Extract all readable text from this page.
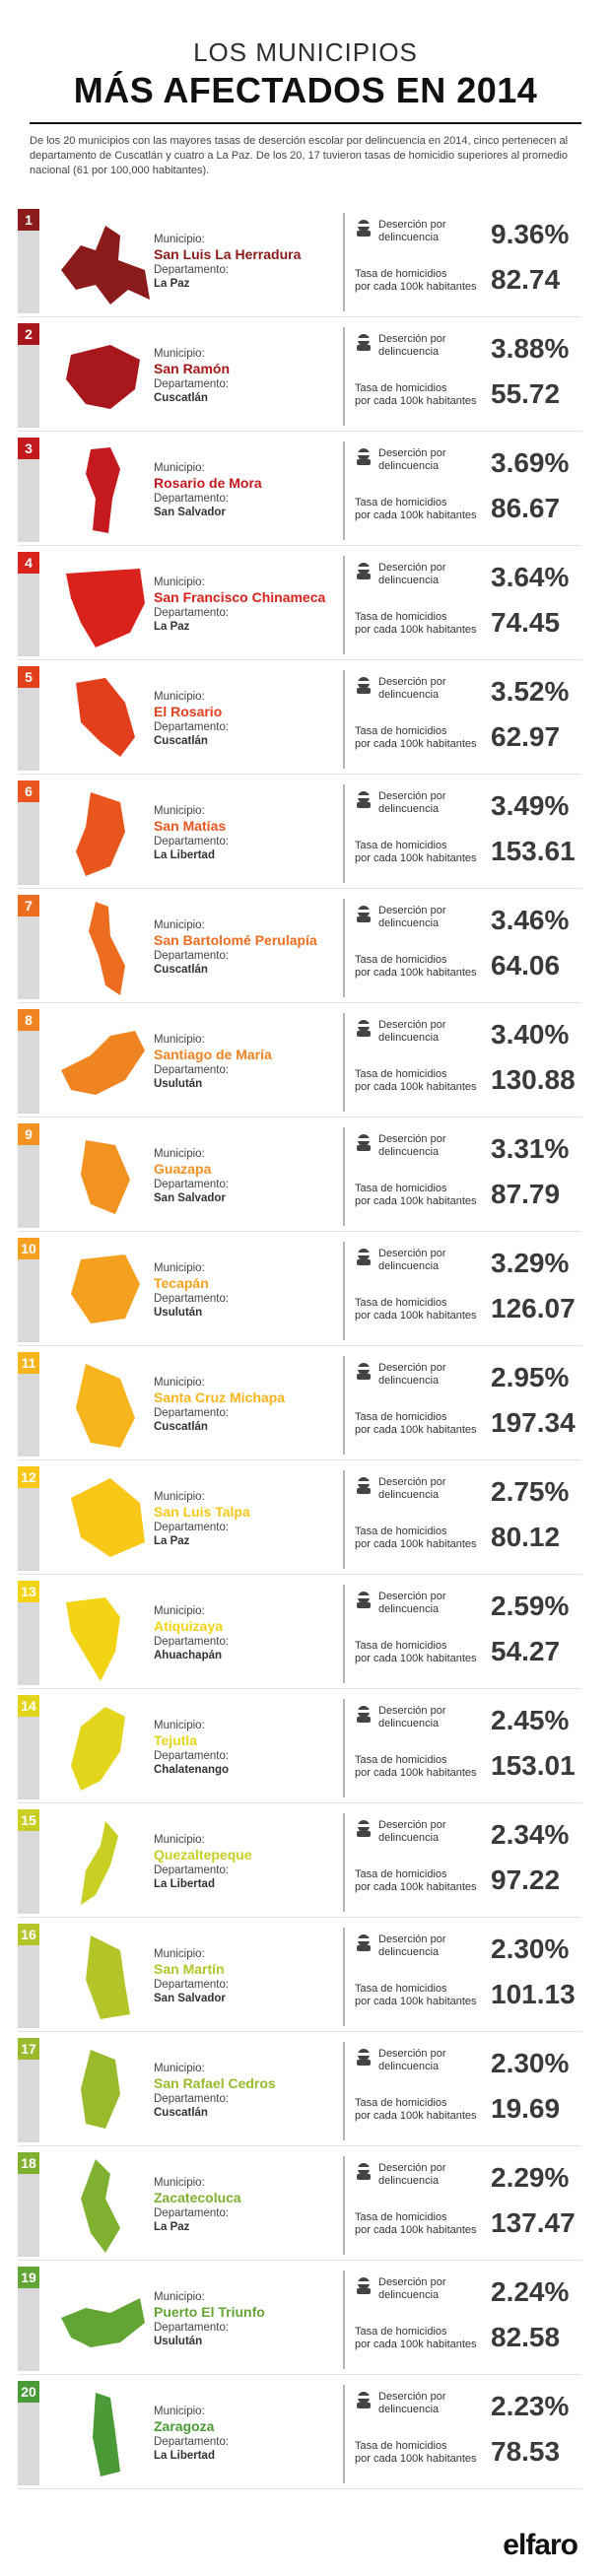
LOS MUNICIPIOS
MÁS AFECTADOS EN 2014
De los 20 municipios con las mayores tasas de deserción escolar por delincuencia en 2014, cinco pertenecen al departamento de Cuscatlán y cuatro a La Paz. De los 20, 17 tuvieron tasas de homicidio superiores al promedio nacional (61 por 100,000 habitantes).
1
Municipio:
San Luis La Herradura
Departamento:
La Paz
Deserción por
delincuencia 9.36%
Tasa de homicidios
por cada 100k habitantes 82.74
2
Municipio:
San Ramón
Departamento:
Cuscatlán
Deserción por
delincuencia 3.88%
Tasa de homicidios
por cada 100k habitantes 55.72
3
Municipio:
Rosario de Mora
Departamento:
San Salvador
Deserción por
delincuencia 3.69%
Tasa de homicidios
por cada 100k habitantes 86.67
4
Municipio:
San Francisco Chinameca
Departamento:
La Paz
Deserción por
delincuencia 3.64%
Tasa de homicidios
por cada 100k habitantes 74.45
5
Municipio:
El Rosario
Departamento:
Cuscatlán
Deserción por
delincuencia 3.52%
Tasa de homicidios
por cada 100k habitantes 62.97
6
Municipio:
San Matías
Departamento:
La Libertad
Deserción por
delincuencia 3.49%
Tasa de homicidios
por cada 100k habitantes 153.61
7
Municipio:
San Bartolomé Perulapía
Departamento:
Cuscatlán
Deserción por
delincuencia 3.46%
Tasa de homicidios
por cada 100k habitantes 64.06
8
Municipio:
Santiago de María
Departamento:
Usulután
Deserción por
delincuencia 3.40%
Tasa de homicidios
por cada 100k habitantes 130.88
9
Municipio:
Guazapa
Departamento:
San Salvador
Deserción por
delincuencia 3.31%
Tasa de homicidios
por cada 100k habitantes 87.79
10
Municipio:
Tecapán
Departamento:
Usulután
Deserción por
delincuencia 3.29%
Tasa de homicidios
por cada 100k habitantes 126.07
11
Municipio:
Santa Cruz Michapa
Departamento:
Cuscatlán
Deserción por
delincuencia 2.95%
Tasa de homicidios
por cada 100k habitantes 197.34
12
Municipio:
San Luis Talpa
Departamento:
La Paz
Deserción por
delincuencia 2.75%
Tasa de homicidios
por cada 100k habitantes 80.12
13
Municipio:
Atiquizaya
Departamento:
Ahuachapán
Deserción por
delincuencia 2.59%
Tasa de homicidios
por cada 100k habitantes 54.27
14
Municipio:
Tejutla
Departamento:
Chalatenango
Deserción por
delincuencia 2.45%
Tasa de homicidios
por cada 100k habitantes 153.01
15
Municipio:
Quezaltepeque
Departamento:
La Libertad
Deserción por
delincuencia 2.34%
Tasa de homicidios
por cada 100k habitantes 97.22
16
Municipio:
San Martín
Departamento:
San Salvador
Deserción por
delincuencia 2.30%
Tasa de homicidios
por cada 100k habitantes 101.13
17
Municipio:
San Rafael Cedros
Departamento:
Cuscatlán
Deserción por
delincuencia 2.30%
Tasa de homicidios
por cada 100k habitantes 19.69
18
Municipio:
Zacatecoluca
Departamento:
La Paz
Deserción por
delincuencia 2.29%
Tasa de homicidios
por cada 100k habitantes 137.47
19
Municipio:
Puerto El Triunfo
Departamento:
Usulután
Deserción por
delincuencia 2.24%
Tasa de homicidios
por cada 100k habitantes 82.58
20
Municipio:
Zaragoza
Departamento:
La Libertad
Deserción por
delincuencia 2.23%
Tasa de homicidios
por cada 100k habitantes 78.53
elfaro
